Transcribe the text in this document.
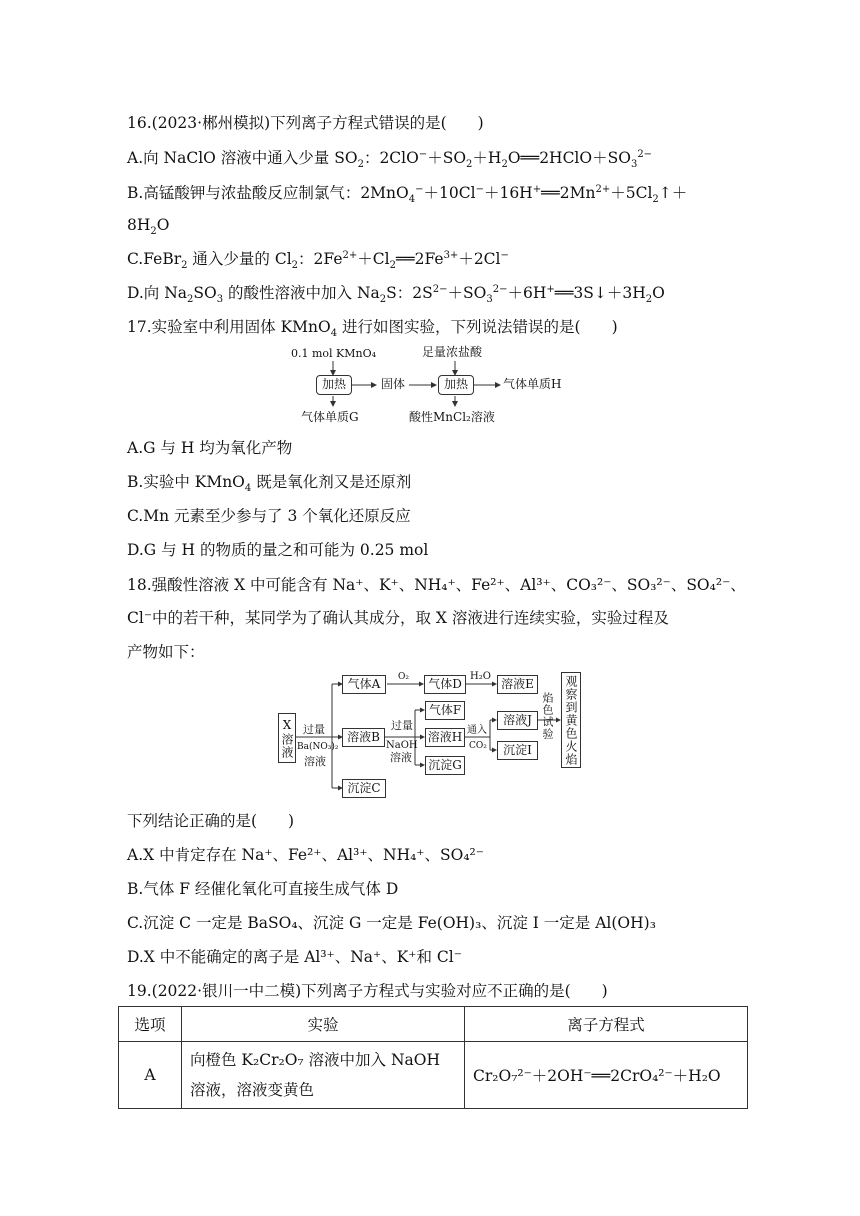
16.(2023·郴州模拟)下列离子方程式错误的是(　　)
A.向 NaClO 溶液中通入少量 $SO_2$：$2ClO^-+SO_2+H_2O══2HClO+SO_3^{2-}$
B.高锰酸钾与浓盐酸反应制氯气：$2MnO_4^-+10Cl^-+16H^+══2Mn^{2+}+5Cl_2↑+$
$8H_2O$
C.FeBr$_2$ 通入少量的 $Cl_2$：$2Fe^{2+}+Cl_2══2Fe^{3+}+2Cl^-$
D.向 $Na_2SO_3$ 的酸性溶液中加入 $Na_2S$：$2S^{2-}+SO_3^{2-}+6H^+══3S↓+3H_2O$
17.实验室中利用固体 KMnO$_4$ 进行如图实验，下列说法错误的是(　　)
0.1 mol KMnO₄	足量浓盐酸
加热	固体	加热	气体单质H
气体单质G	酸性MnCl₂溶液
A.G 与 H 均为氧化产物
B.实验中 KMnO$_4$ 既是氧化剂又是还原剂
C.Mn 元素至少参与了 3 个氧化还原反应
D.G 与 H 的物质的量之和可能为 0.25 mol
18.强酸性溶液 X 中可能含有 Na⁺、K⁺、NH₄⁺、Fe²⁺、Al³⁺、CO₃²⁻、SO₃²⁻、SO₄²⁻、
Cl⁻中的若干种，某同学为了确认其成分，取 X 溶液进行连续实验，实验过程及
产物如下：
X溶液 过量
Ba(NO₃)₂
溶液
气体A	O₂	气体D
H₂O
溶液E
溶液B
过量
NaOH
溶液
气体F
溶液H
沉淀G
通入
CO₂
溶液J
沉淀I
焰色试验 观察到黄色火焰
沉淀C
下列结论正确的是(　　)
A.X 中肯定存在 Na⁺、Fe²⁺、Al³⁺、NH₄⁺、SO₄²⁻
B.气体 F 经催化氧化可直接生成气体 D
C.沉淀 C 一定是 BaSO₄、沉淀 G 一定是 Fe(OH)₃、沉淀 I 一定是 Al(OH)₃
D.X 中不能确定的离子是 Al³⁺、Na⁺、K⁺和 Cl⁻
19.(2022·银川一中二模)下列离子方程式与实验对应不正确的是(　　)
选项	实验	离子方程式
A	向橙色 K₂Cr₂O₇ 溶液中加入 NaOH
溶液，溶液变黄色	Cr₂O₇²⁻＋2OH⁻══2CrO₄²⁻＋H₂O
